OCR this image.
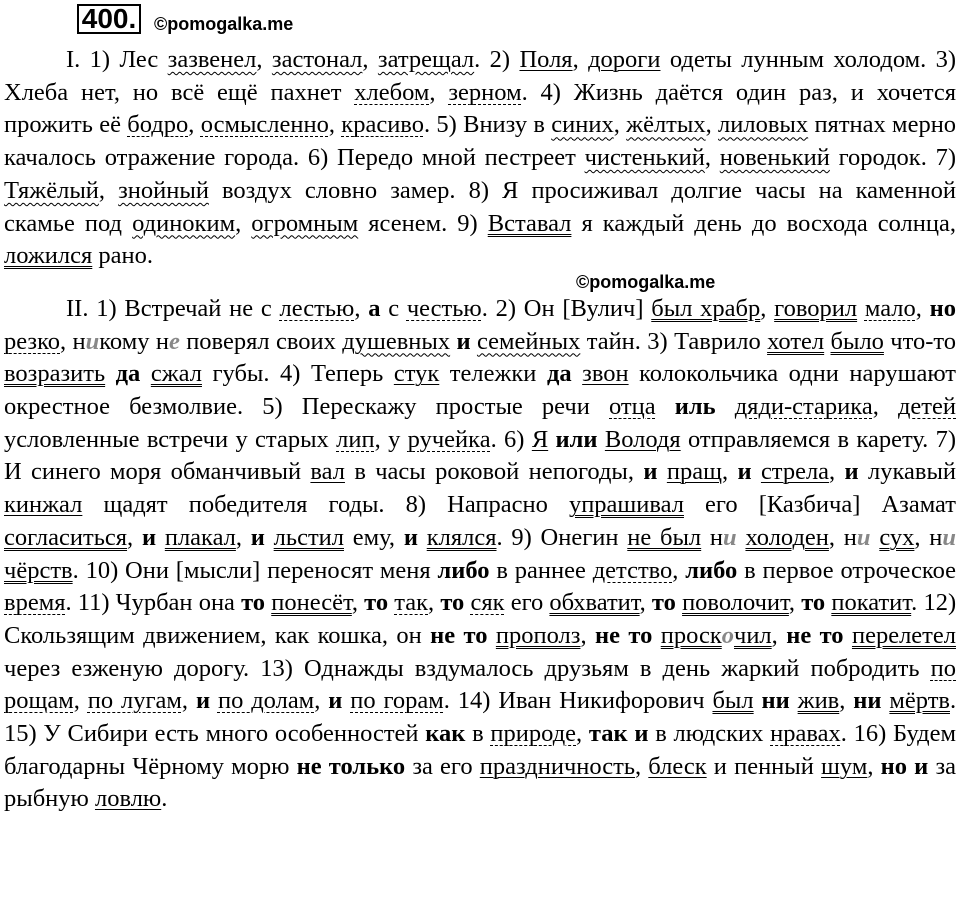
400. ©pomogalka.me

I. 1) Лес зазвенел, застонал, затрещал. 2) Поля, дороги одеты лунным холодом. 3) Хлеба нет, но всё ещё пахнет хлебом, зерном. 4) Жизнь даётся один раз, и хочется прожить её бодро, осмысленно, красиво. 5) Внизу в синих, жёлтых, лиловых пятнах мерно качалось отражение города. 6) Передо мной пестреет чистенький, новенький городок. 7) Тяжёлый, знойный воздух словно замер. 8) Я просиживал долгие часы на каменной скамье под одиноким, огромным ясенем. 9) Вставал я каждый день до восхода солнца, ложился рано.

©pomogalka.me

II. 1) Встречай не с лестью, а с честью. 2) Он [Вулич] был храбр, говорил мало, но резко, никому не поверял своих душевных и семейных тайн. 3) Таврило хотел было что-то возразить да сжал губы. 4) Теперь стук тележки да звон колокольчика одни нарушают окрестное безмолвие. 5) Перескажу простые речи отца иль дяди-старика, детей условленные встречи у старых лип, у ручейка. 6) Я или Володя отправляемся в карету. 7) И синего моря обманчивый вал в часы роковой непогоды, и пращ, и стрела, и лукавый кинжал щадят победителя годы. 8) Напрасно упрашивал его [Казбича] Азамат согласиться, и плакал, и льстил ему, и клялся. 9) Онегин не был ни холоден, ни сух, ни чёрств. 10) Они [мысли] переносят меня либо в раннее детство, либо в первое отроческое время. 11) Чурбан она то понесёт, то так, то сяк его обхватит, то поволочит, то покатит. 12) Скользящим движением, как кошка, он не то прополз, не то проскочил, не то перелетел через езженую дорогу. 13) Однажды вздумалось друзьям в день жаркий побродить по рощам, по лугам, и по долам, и по горам. 14) Иван Никифорович был ни жив, ни мёртв. 15) У Сибири есть много особенностей как в природе, так и в людских нравах. 16) Будем благодарны Чёрному морю не только за его праздничность, блеск и пенный шум, но и за рыбную ловлю.
